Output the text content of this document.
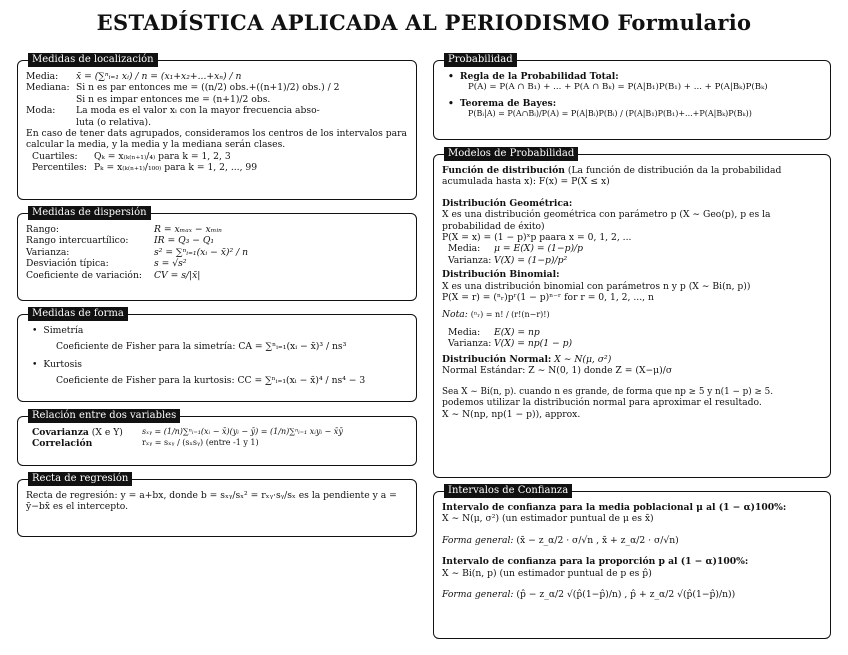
ESTADÍSTICA APLICADA AL PERIODISMO Formulario
Medidas de localización
Media:	x̄ = (∑ⁿᵢ₌₁ xᵢ) / n = (x₁+x₂+...+xₙ) / n
Mediana: Si n es par entonces me = ((n/2) obs.+((n+1)/2) obs.) / 2
Si n es impar entonces me = (n+1)/2 obs.
Moda:	La moda es el valor xᵢ con la mayor frecuencia abso-
luta (o relativa).
En caso de tener dats agrupados, consideramos los centros de los intervalos para calcular la media, y la media y la mediana serán clases.
Cuartiles:	Qₖ = x₍ₖ₍ₙ₊₁₎/₄₎ para k = 1, 2, 3
Percentiles: Pₖ = x₍ₖ₍ₙ₊₁₎/₁₀₀₎ para k = 1, 2, ..., 99
Medidas de dispersión
Rango:	R = xₘₐₓ − xₘᵢₙ
Rango intercuartílico:	IR = Q₃ − Q₁
Varianza:	s² = ∑ⁿᵢ₌₁(xᵢ − x̄)² / n
Desviación típica:	s = √s²
Coeficiente de variación:	CV = s/|x̄|
Medidas de forma
• Simetría
Coeficiente de Fisher para la simetría: CA = ∑ⁿᵢ₌₁(xᵢ − x̄)³ / ns³
• Kurtosis
Coeficiente de Fisher para la kurtosis: CC = ∑ⁿᵢ₌₁(xᵢ − x̄)⁴ / ns⁴ − 3
Relación entre dos variables
Covarianza (X e Y)	sₓᵧ = (1/n)∑ⁿᵢ₌₁(xᵢ − x̄)(yᵢ − ȳ) = (1/n)∑ⁿᵢ₌₁ xᵢyᵢ − x̄ȳ
Correlación	rₓᵧ = sₓᵧ / (sₓsᵧ) (entre -1 y 1)
Recta de regresión
Recta de regresión: y = a+bx, donde b = sₓᵧ/sₓ² = rₓᵧ·sᵧ/sₓ es la pendiente y a = ȳ−bx̄ es el intercepto.
Probabilidad
• Regla de la Probabilidad Total:
P(A) = P(A ∩ B₁) + ... + P(A ∩ Bₖ) = P(A|B₁)P(B₁) + ... + P(A|Bₖ)P(Bₖ)
• Teorema de Bayes:
P(Bᵢ|A) = P(A∩Bᵢ)/P(A) = P(A|Bᵢ)P(Bᵢ) / (P(A|B₁)P(B₁)+...+P(A|Bₖ)P(Bₖ))
Modelos de Probabilidad
Función de distribución (La función de distribución da la probabilidad acumulada hasta x): F(x) = P(X ≤ x)
Distribución Geométrica:
X es una distribución geométrica con parámetro p (X ∼ Geo(p), p es la probabilidad de éxito)
P(X = x) = (1 − p)ˣp paara x = 0, 1, 2, ...
Media:	μ = E(X) = (1−p)/p
Varianza: V(X) = (1−p)/p²
Distribución Binomial:
X es una distribución binomial con parámetros n y p (X ∼ Bi(n, p))
P(X = r) = (ⁿᵣ)pʳ(1 − p)ⁿ⁻ʳ for r = 0, 1, 2, ..., n
Nota: (ⁿᵣ) = n! / (r!(n−r)!)
Media:	E(X) = np
Varianza: V(X) = np(1 − p)
Distribución Normal: X ∼ N(μ, σ²)
Normal Estándar: Z ∼ N(0, 1) donde Z = (X−μ)/σ
Sea X ∼ Bi(n, p). cuando n es grande, de forma que np ≥ 5 y n(1 − p) ≥ 5.
podemos utilizar la distribución normal para aproximar el resultado.
X ∼ N(np, np(1 − p)), approx.
Intervalos de Confianza
Intervalo de confianza para la media poblacional μ al (1 − α)100%:
X ∼ N(μ, σ²) (un estimador puntual de μ es x̄)
Forma general: (x̄ − z_α/2 · σ/√n , x̄ + z_α/2 · σ/√n)
Intervalo de confianza para la proporción p al (1 − α)100%:
X ∼ Bi(n, p) (un estimador puntual de p es p̂)
Forma general: (p̂ − z_α/2 √(p̂(1−p̂)/n) , p̂ + z_α/2 √(p̂(1−p̂)/n))
